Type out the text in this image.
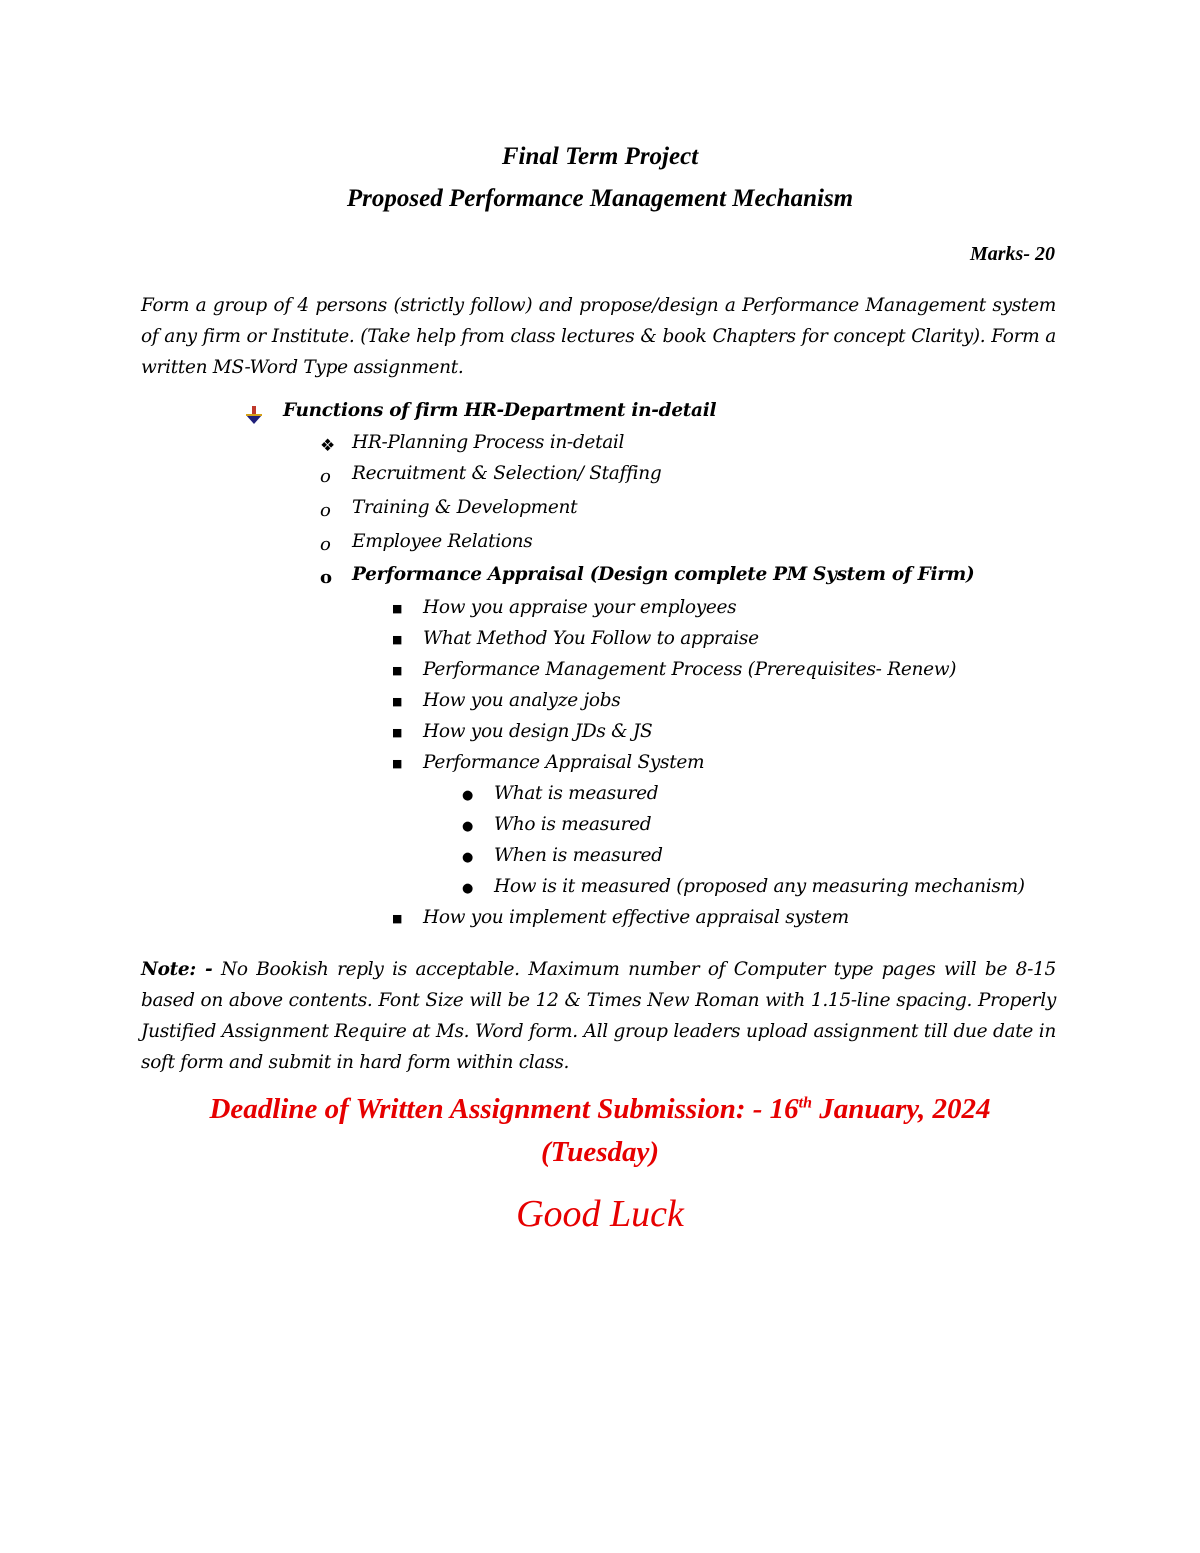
Final Term Project
Proposed Performance Management Mechanism
Marks- 20
Form a group of 4 persons (strictly follow) and propose/design a Performance Management system of any firm or Institute. (Take help from class lectures & book Chapters for concept Clarity). Form a written MS-Word Type assignment.
Functions of firm HR-Department in-detail
❖ HR-Planning Process in-detail
o Recruitment & Selection/ Staffing
o Training & Development
o Employee Relations
o Performance Appraisal (Design complete PM System of Firm)
■ How you appraise your employees
■ What Method You Follow to appraise
■ Performance Management Process (Prerequisites- Renew)
■ How you analyze jobs
■ How you design JDs & JS
■ Performance Appraisal System
■ How you implement effective appraisal system
● What is measured
● Who is measured
● When is measured
● How is it measured (proposed any measuring mechanism)
Note: - No Bookish reply is acceptable. Maximum number of Computer type pages will be 8-15 based on above contents. Font Size will be 12 & Times New Roman with 1.15-line spacing. Properly Justified Assignment Require at Ms. Word form. All group leaders upload assignment till due date in soft form and submit in hard form within class.
Deadline of Written Assignment Submission: - 16th January, 2024
(Tuesday)
Good Luck
